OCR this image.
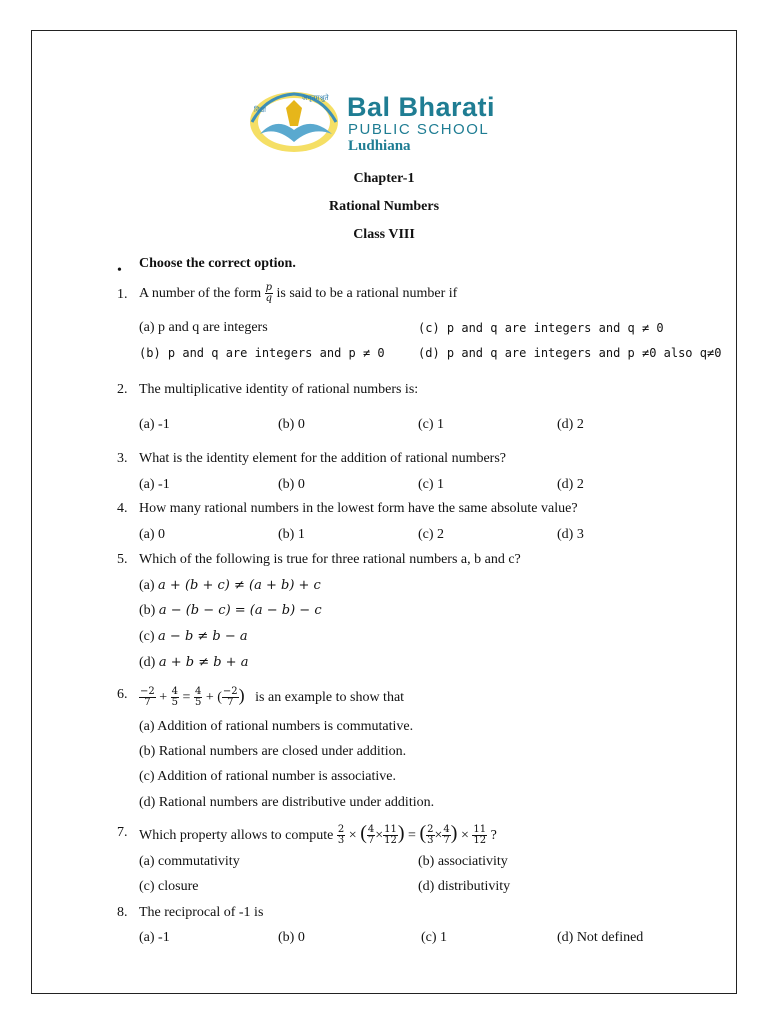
विद्या
अमृतमश्नुते Bal Bharati
PUBLIC SCHOOL
Ludhiana
Chapter-1
Rational Numbers
Class VIII
• Choose the correct option.
1. A number of the form $\frac{p}{q}$ is said to be a rational number if
(a) p and q are integers	(c) p and q are integers and q ≠ 0
(b) p and q are integers and p ≠ 0	(d) p and q are integers and p ≠0 also q≠0
2. The multiplicative identity of rational numbers is:
(a) -1	(b) 0	(c) 1	(d) 2
3. What is the identity element for the addition of rational numbers?
(a) -1	(b) 0	(c) 1	(d) 2
4. How many rational numbers in the lowest form have the same absolute value?
(a) 0	(b) 1	(c) 2	(d) 3
5. Which of the following is true for three rational numbers a, b and c?
(a) a + (b + c) ≠ (a + b) + c
(b) a − (b − c) = (a − b) − c
(c) a − b ≠ b − a
(d) a + b ≠ b + a
6. $\frac{-2}{7} + \frac{4}{5} = \frac{4}{5}$ + ( $\frac{-2}{7}$ ) is an example to show that
(a) Addition of rational numbers is commutative.
(b) Rational numbers are closed under addition.
(c) Addition of rational number is associative.
(d) Rational numbers are distributive under addition.
7. Which property allows to compute $\frac{2}{3}$ × ( $\frac{4}{7} \times \frac{11}{12}$ ) = ( $\frac{2}{3} \times \frac{4}{7}$ ) × $\frac{11}{12}$ ?
(a) commutativity	(b) associativity
(c) closure	(d) distributivity
8. The reciprocal of -1 is
(a) -1	(b) 0	(c) 1	(d) Not defined
